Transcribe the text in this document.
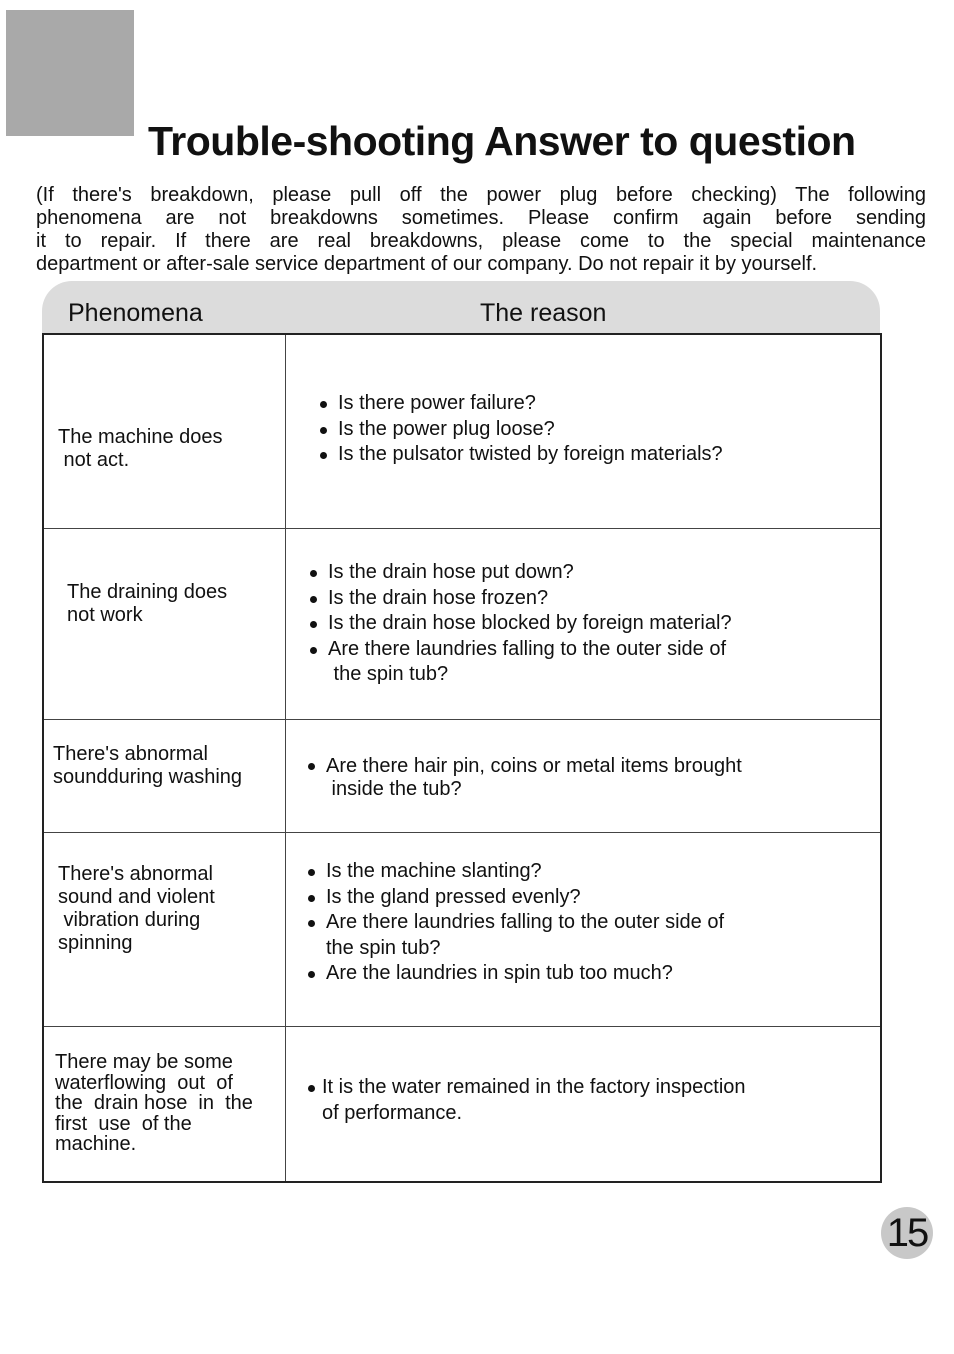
Trouble-shooting Answer to question
(If there's breakdown, please pull off the power plug before checking) The following
phenomena are not breakdowns sometimes. Please confirm again before sending
it to repair. If there are real breakdowns, please come to the special maintenance
department or after-sale service department of our company. Do not repair it by yourself.
Phenomena	The reason
The machine does
not act.
Is there power failure?
Is the power plug loose?
Is the pulsator twisted by foreign materials?
The draining does
not work
Is the drain hose put down?
Is the drain hose frozen?
Is the drain hose blocked by foreign material?
Are there laundries falling to the outer side of
the spin tub?
There's abnormal
soundduring washing	Are there hair pin, coins or metal items brought
inside the tub?
There's abnormal
sound and violent
vibration during
spinning
Is the machine slanting?
Is the gland pressed evenly?
Are there laundries falling to the outer side of
the spin tub?
Are the laundries in spin tub too much?
There may be some
waterflowing  out  of
the  drain hose  in  the
first  use  of the
machine.
It is the water remained in the factory inspection
of performance.
15
